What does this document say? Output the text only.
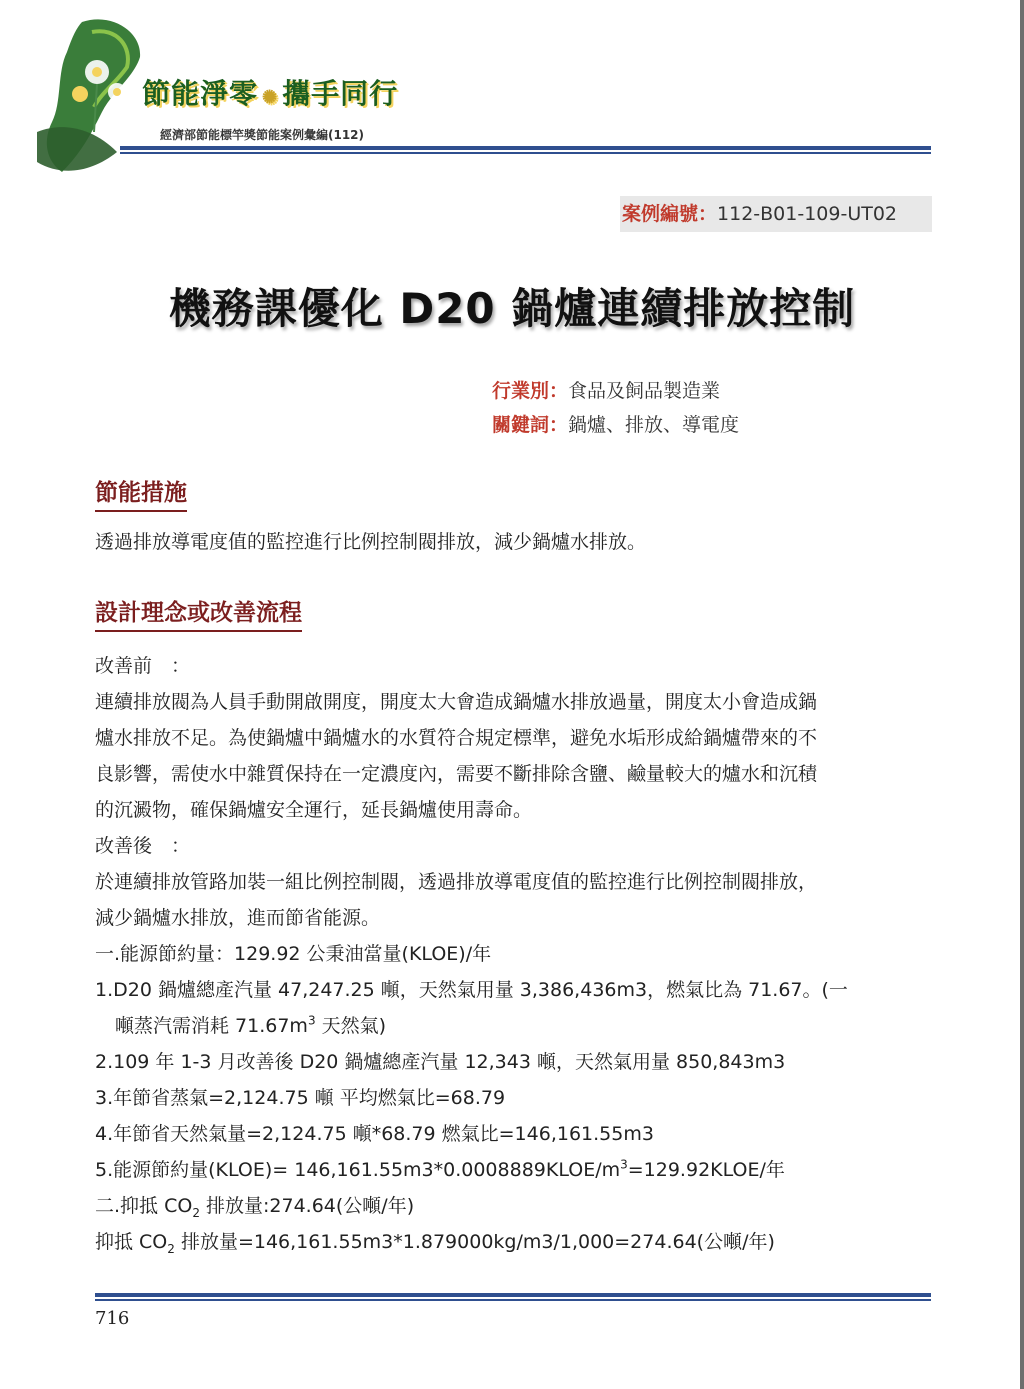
節能淨零 ✺ 攜手同行
經濟部節能標竿獎節能案例彙編(112)
案例編號：112-B01-109-UT02
機務課優化 D20 鍋爐連續排放控制
行業別：食品及飼品製造業
關鍵詞：鍋爐、排放、導電度
節能措施

透過排放導電度值的監控進行比例控制閥排放，減少鍋爐水排放。

設計理念或改善流程

改善前　：

連續排放閥為人員手動開啟開度，開度太大會造成鍋爐水排放過量，開度太小會造成鍋

爐水排放不足。為使鍋爐中鍋爐水的水質符合規定標準，避免水垢形成給鍋爐帶來的不

良影響，需使水中雜質保持在一定濃度內，需要不斷排除含鹽、鹼量較大的爐水和沉積

的沉澱物，確保鍋爐安全運行，延長鍋爐使用壽命。

改善後　：

於連續排放管路加裝一組比例控制閥，透過排放導電度值的監控進行比例控制閥排放，

減少鍋爐水排放，進而節省能源。

一.能源節約量：129.92 公秉油當量(KLOE)/年

1.D20 鍋爐總產汽量 47,247.25 噸，天然氣用量 3,386,436m3，燃氣比為 71.67。(一

噸蒸汽需消耗 $71.67m^3$ 天然氣)

2.109 年 1-3 月改善後 D20 鍋爐總產汽量 12,343 噸，天然氣用量 850,843m3

3.年節省蒸氣=2,124.75 噸 平均燃氣比=68.79

4.年節省天然氣量=2,124.75 噸*68.79 燃氣比=146,161.55m3

5.能源節約量(KLOE)= $146,161.55m3*0.0008889KLOE/m^3=129.92KLOE/$年

二.抑抵 $CO_2$ 排放量:274.64(公噸/年)

抑抵 $CO_2$ 排放量=146,161.55m3*1.879000kg/m3/1,000=274.64(公噸/年)

716
